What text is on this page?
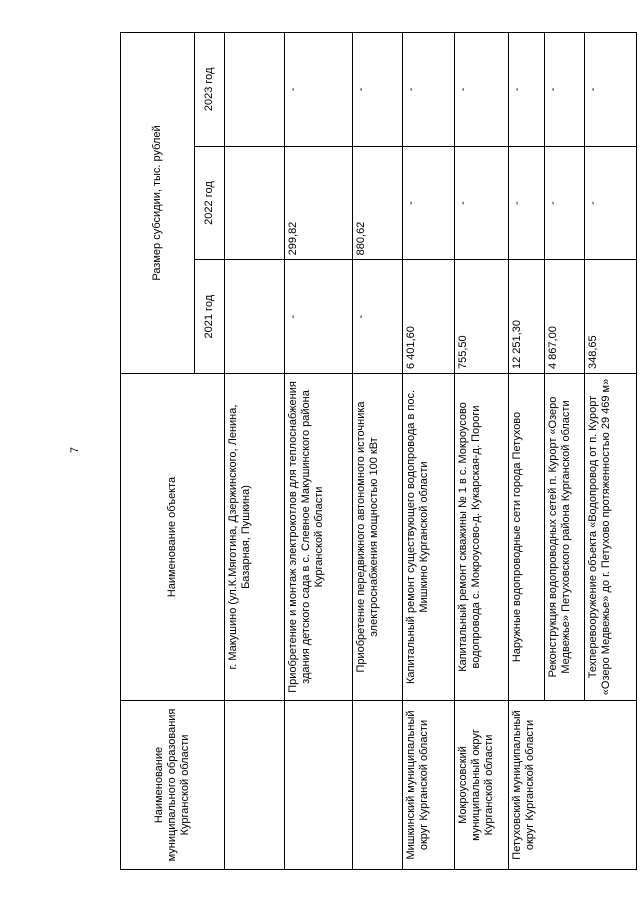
7
Наименование муниципального образования Курганской области	Наименование объекта	Размер субсидии, тыс. рублей		
		2021 год	2022 год	2023 год
	г. Макушино (ул.К.Мяготина, Дзержинского, Ленина, Базарная, Пушкина)			
	Приобретение и монтаж электрокотлов для теплоснабжения здания детского сада в с. Слевное Макушинского района Курганской области	-	299,82	-
	Приобретение передвижного автономного источника электроснабжения мощностью 100 кВт	-	880,62	-
Мишкинский муниципальный округ Курганской области	Капитальный ремонт существующего водопровода в пос. Мишкино Курганской области	6 401,60	-	-
Мокроусовский муниципальный округ Курганской области	Капитальный ремонт скважины № 1 в с. Мокроусово водопровода с. Мокроусово-д. Кукарская-д. Пороги	755,50	-	-
Петуховский муниципальный округ Курганской области	Наружные водопроводные сети города Петухово	12 251,30	-	-
	Реконструкция водопроводных сетей п. Курорт «Озеро Медвежье» Петуховского района Курганской области	4 867,00	-	-
	Техперевооружение объекта «Водопровод от п. Курорт «Озеро Медвежье» до г. Петухово протяженностью 29 469 м»	348,65	-	-
